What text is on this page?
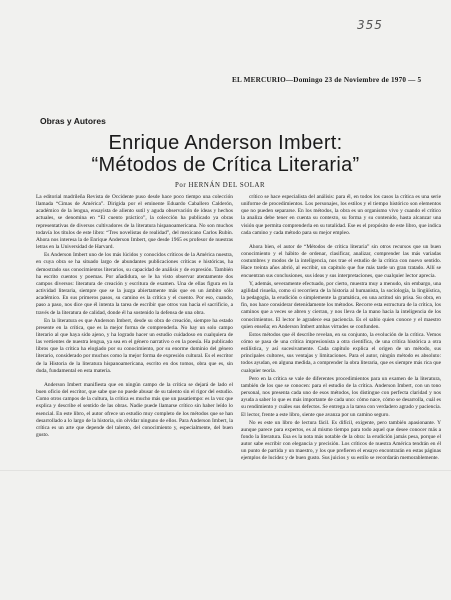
355
EL MERCURIO—Domingo 23 de Noviembre de 1970 — 5
Obras y Autores
Enrique Anderson Imbert:
“Métodos de Crítica Literaria”
Por HERNÁN DEL SOLAR

La editorial madrileña Revista de Occidente puso desde hace poco tiempo una colección llamada “Cimas de América”. Dirigida por el eminente Eduardo Caballero Calderón, académico de la lengua, ensayista de aliento sutil y aguda observación de ideas y hechos actuales, se denomina en “El cuento práctico”, la colección ha publicado ya obras representativas de diversos cultivadores de la literatura hispanoamericana. No son muchos todavía los títulos de este libro: “Tres novelistas de realidad”, del mexicano Carlos Rubín. Ahora nos interesa la de Enrique Anderson Imbert, que desde 1965 es profesor de nuestras letras en la Universidad de Harvard.

Es Anderson Imbert uno de los más lúcidos y conocidos críticos de la América nuestra, en cuya obra se ha situado largo de abundantes publicaciones críticas e históricas, ha demostrado sus conocimientos literarios, su capacidad de análisis y de expresión. También ha escrito cuentos y poemas. Por añadidura, se le ha visto observar atentamente dos campos diversos: literatura de creación y escritura de examen. Una de ellas figura en la actividad literaria, siempre que se la juzga abiertamente más que en un ámbito sólo académico. En sus primeros pasos, su camino es la crítica y el cuento. Por eso, cuando, paso a paso, nos dice que él intenta la tarea de escribir que otros van hacia el sacrificio, a través de la literatura de calidad, donde él ha sostenido la defensa de una obra.

En la literatura es que Anderson Imbert, desde su obra de creación, siempre ha estado presente en la crítica, que es la mejor forma de comprenderla. No hay un solo campo literario al que haya sido ajeno, y ha logrado hacer un estudio cuidadoso en cualquiera de las vertientes de nuestra lengua, ya sea en el género narrativo o en la poesía. Ha publicado libros que la crítica ha elogiado por su conocimiento, por su enorme dominio del género literario, considerado por muchos como la mejor forma de expresión cultural. Es el escritor de la Historia de la literatura hispanoamericana, escrito en dos tomos, obra que es, sin duda, fundamental en esta materia.

Anderson Imbert manifiesta que en ningún campo de la crítica se dejará de lado el buen oficio del escritor, que sabe que no puede abusar de su talento sin el rigor del estudio. Como otros campos de la cultura, la crítica es mucho más que un pasatiempo: es la voz que explica y describe el sentido de las obras. Nadie puede llamarse crítico sin haber leído lo esencial. En este libro, el autor ofrece un estudio muy completo de los métodos que se han desarrollado a lo largo de la historia, sin olvidar ninguno de ellos. Para Anderson Imbert, la crítica es un arte que depende del talento, del conocimiento y, especialmente, del buen gusto.

crítico se hace especialista del análisis: para él, en todos los casos la crítica es una serie uniforme de procedimientos. Los personajes, los estilos y el tiempo histórico son elementos que no pueden separarse. En los métodos, la obra es un organismo vivo y cuando el crítico la analiza debe tener en cuenta su contexto, su forma y su contenido, hasta alcanzar una visión que permita comprenderla en su totalidad. Ese es el propósito de este libro, que indica cada camino y cada método para su mejor empleo.

Ahora bien, el autor de “Métodos de crítica literaria” sin otros recursos que un buen conocimiento y el hábito de ordenar, clasificar, analizar, comprender las más variadas costumbres y modos de la inteligencia, nos trae el estudio de la crítica con nuevo sentido. Hace treinta años abrió, al escribir, un capítulo que fue más tarde un gran tratado. Allí se encuentran sus conclusiones, sus ideas y sus interpretaciones, que cualquier lector aprecia.

Y, además, severamente efectuado, por cierto, muestra muy a menudo, sin embargo, una agilidad risueña, como si recorriera de la historia al humanista, la sociología, la lingüística, la pedagogía, la erudición o simplemente la gramática, en una actitud sin prisa. Su obra, en fin, nos hace considerar detenidamente los métodos. Recorre esta estructura de la crítica, los caminos que a veces se abren y cierran, y nos lleva de la mano hacia la inteligencia de los conocimientos. El lector le agradece esa paciencia. Es el sabio quien conoce y el maestro quien enseña; en Anderson Imbert ambas virtudes se confunden.

Estos métodos que él describe revelan, en su conjunto, la evolución de la crítica. Vemos cómo se pasa de una crítica impresionista a otra científica, de una crítica histórica a otra estilística, y así sucesivamente. Cada capítulo explica el origen de un método, sus principales cultores, sus ventajas y limitaciones. Para el autor, ningún método es absoluto: todos ayudan, en alguna medida, a comprender la obra literaria, que es siempre más rica que cualquier teoría.

Pero en la crítica se vale de diferentes procedimientos para un examen de la literatura, también de los que se conocen: para el estudio de la crítica. Anderson Imbert, con un tono personal, nos presenta cada uno de esos métodos, los distingue con perfecta claridad y nos ayuda a saber lo que es más importante de cada uno: cómo nace, cómo se desarrolla, cuál es su rendimiento y cuáles sus defectos. Se entrega a la tarea con verdadero agrado y paciencia. El lector, frente a este libro, siente que avanza por un camino seguro.

No es este un libro de lectura fácil. Es difícil, exigente, pero también apasionante. Y aunque parece para expertos, es al mismo tiempo para todo aquel que desee conocer más a fondo la literatura. Esa es la nota más notable de la obra: la erudición jamás pesa, porque el autor sabe escribir con elegancia y precisión. Los críticos de nuestra América tendrán en él un punto de partida y un maestro, y los que prefieren el ensayo encontrarán en estas páginas ejemplos de lucidez y de buen gusto. Sus juicios y su estilo se recordarán memorablemente.
